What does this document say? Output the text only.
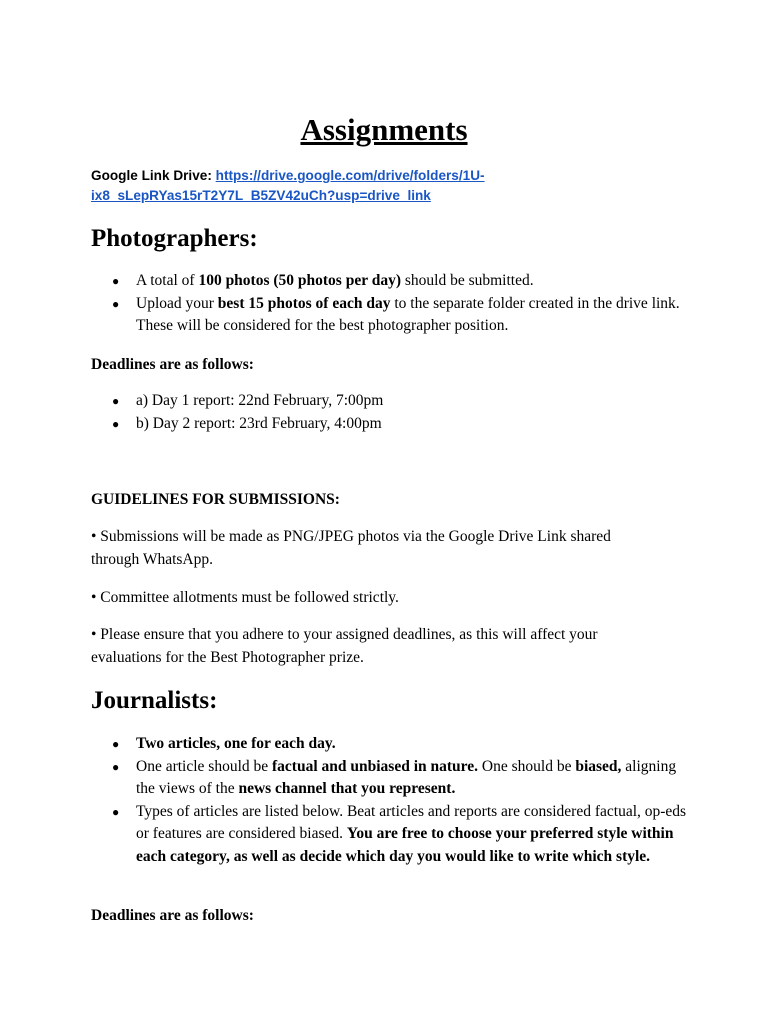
Assignments
Google Link Drive: https://drive.google.com/drive/folders/1U-ix8_sLepRYas15rT2Y7L_B5ZV42uCh?usp=drive_link
Photographers:
● A total of 100 photos (50 photos per day) should be submitted.
● Upload your best 15 photos of each day to the separate folder created in the drive link. These will be considered for the best photographer position.
Deadlines are as follows:
● a) Day 1 report: 22nd February, 7:00pm
● b) Day 2 report: 23rd February, 4:00pm
GUIDELINES FOR SUBMISSIONS:
• Submissions will be made as PNG/JPEG photos via the Google Drive Link shared through WhatsApp.
• Committee allotments must be followed strictly.
• Please ensure that you adhere to your assigned deadlines, as this will affect your evaluations for the Best Photographer prize.
Journalists:
● Two articles, one for each day.
● One article should be factual and unbiased in nature. One should be biased, aligning the views of the news channel that you represent.
● Types of articles are listed below. Beat articles and reports are considered factual, op-eds or features are considered biased. You are free to choose your preferred style within each category, as well as decide which day you would like to write which style.
Deadlines are as follows:
